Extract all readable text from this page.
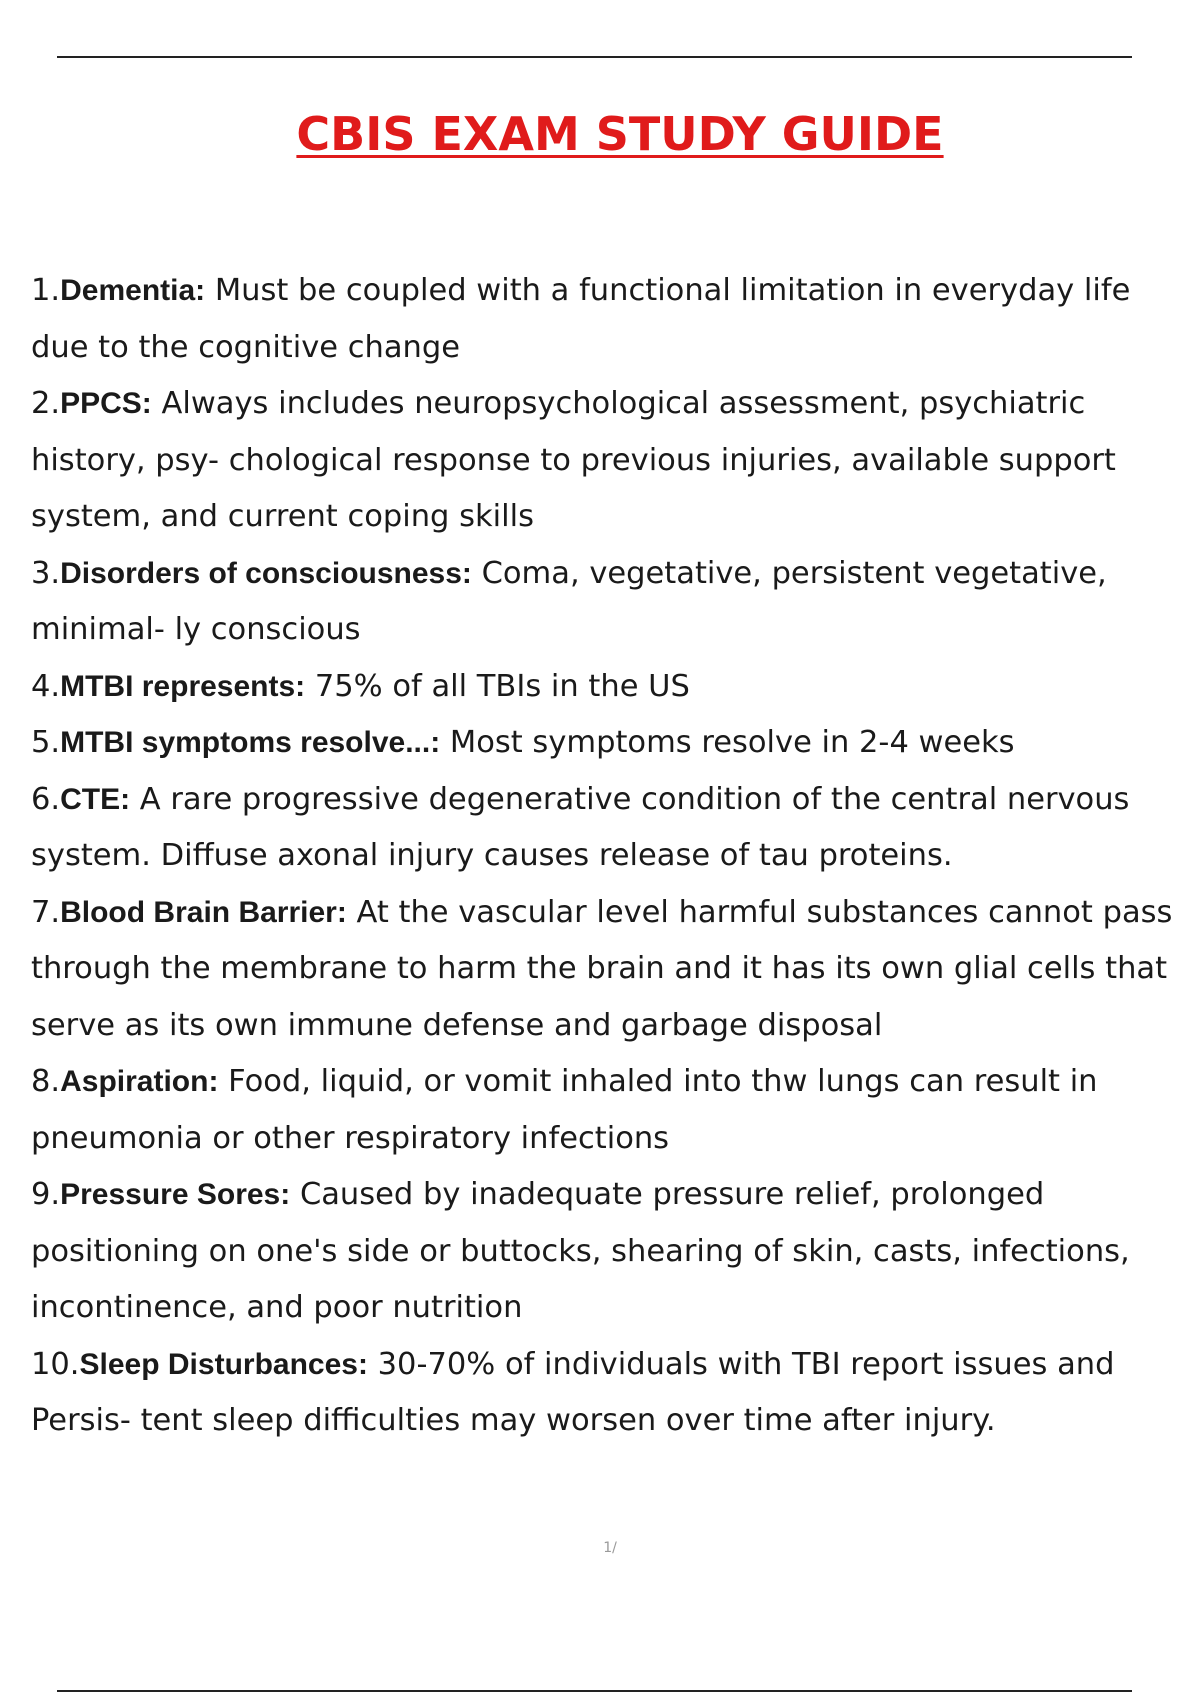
CBIS EXAM STUDY GUIDE
1.Dementia: Must be coupled with a functional limitation in everyday life due to the cognitive change
2.PPCS: Always includes neuropsychological assessment, psychiatric history, psy- chological response to previous injuries, available support system, and current coping skills
3.Disorders of consciousness: Coma, vegetative, persistent vegetative, minimal- ly conscious
4.MTBI represents: 75% of all TBIs in the US
5.MTBI symptoms resolve...: Most symptoms resolve in 2-4 weeks
6.CTE: A rare progressive degenerative condition of the central nervous system. Diffuse axonal injury causes release of tau proteins.
7.Blood Brain Barrier: At the vascular level harmful substances cannot pass through the membrane to harm the brain and it has its own glial cells that serve as its own immune defense and garbage disposal
8.Aspiration: Food, liquid, or vomit inhaled into thw lungs can result in pneumonia or other respiratory infections
9.Pressure Sores: Caused by inadequate pressure relief, prolonged positioning on one's side or buttocks, shearing of skin, casts, infections, incontinence, and poor nutrition
10.Sleep Disturbances: 30-70% of individuals with TBI report issues and Persis- tent sleep difficulties may worsen over time after injury.
1/
